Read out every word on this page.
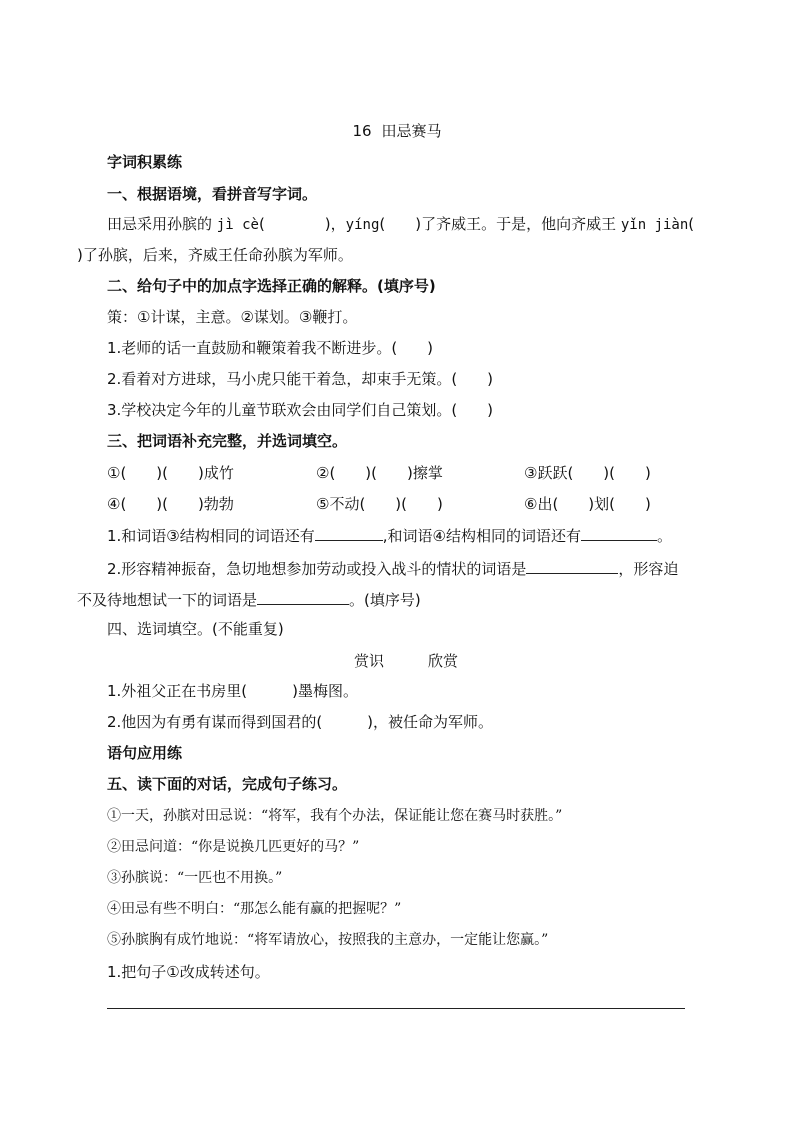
16 田忌赛马
字词积累练
一、根据语境，看拼音写字词。
田忌采用孙膑的 jì cè(　　　　)，yíng(　　)了齐威王。于是，他向齐威王 yǐn jiàn(
)了孙膑，后来，齐威王任命孙膑为军师。
二、给句子中的加点字选择正确的解释。(填序号)
策：①计谋，主意。②谋划。③鞭打。
1.老师的话一直鼓励和鞭策着我不断进步。(　　)
2.看着对方进球，马小虎只能干着急，却束手无策。(　　)
3.学校决定今年的儿童节联欢会由同学们自己策划。(　　)
三、把词语补充完整，并选词填空。
①(　　)(　　)成竹	②(　　)(　　)擦掌	③跃跃(　　)(　　)
④(　　)(　　)勃勃	⑤不动(　　)(　　)	⑥出(　　)划(　　)
1.和词语③结构相同的词语还有	,和词语④结构相同的词语还有	。
2.形容精神振奋，急切地想参加劳动或投入战斗的情状的词语是	，形容迫
不及待地想试一下的词语是	。(填序号)
四、选词填空。(不能重复)
赏识	欣赏
1.外祖父正在书房里(　　　)墨梅图。
2.他因为有勇有谋而得到国君的(　　　)，被任命为军师。
语句应用练
五、读下面的对话，完成句子练习。
①一天，孙膑对田忌说：“将军，我有个办法，保证能让您在赛马时获胜。”
②田忌问道：“你是说换几匹更好的马？”
③孙膑说：“一匹也不用换。”
④田忌有些不明白：“那怎么能有赢的把握呢？”
⑤孙膑胸有成竹地说：“将军请放心，按照我的主意办，一定能让您赢。”
1.把句子①改成转述句。
